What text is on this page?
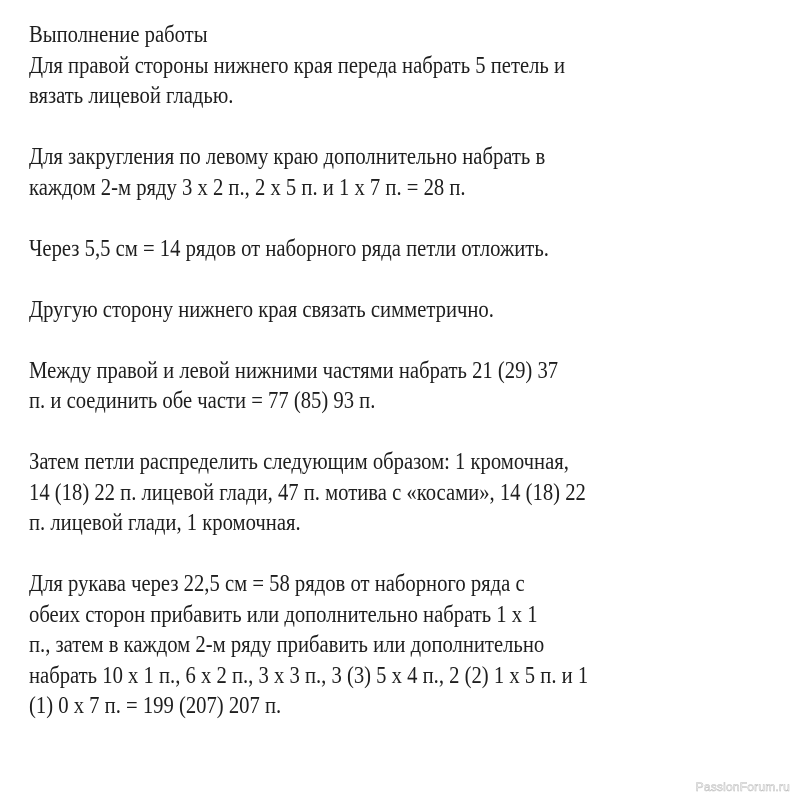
Выполнение работы
Для правой стороны нижнего края переда набрать 5 петель и
вязать лицевой гладью.
Для закругления по левому краю дополнительно набрать в
каждом 2-м ряду 3 х 2 п., 2 х 5 п. и 1 х 7 п. = 28 п.
Через 5,5 см = 14 рядов от наборного ряда петли отложить.
Другую сторону нижнего края связать симметрично.
Между правой и левой нижними частями набрать 21 (29) 37
п. и соединить обе части = 77 (85) 93 п.
Затем петли распределить следующим образом: 1 кромочная,
14 (18) 22 п. лицевой глади, 47 п. мотива с «косами», 14 (18) 22
п. лицевой глади, 1 кромочная.
Для рукава через 22,5 см = 58 рядов от наборного ряда с
обеих сторон прибавить или дополнительно набрать 1 х 1
п., затем в каждом 2-м ряду прибавить или дополнительно
набрать 10 х 1 п., 6 х 2 п., 3 х 3 п., 3 (3) 5 х 4 п., 2 (2) 1 х 5 п. и 1
(1) 0 х 7 п. = 199 (207) 207 п.
PassionForum.ru
